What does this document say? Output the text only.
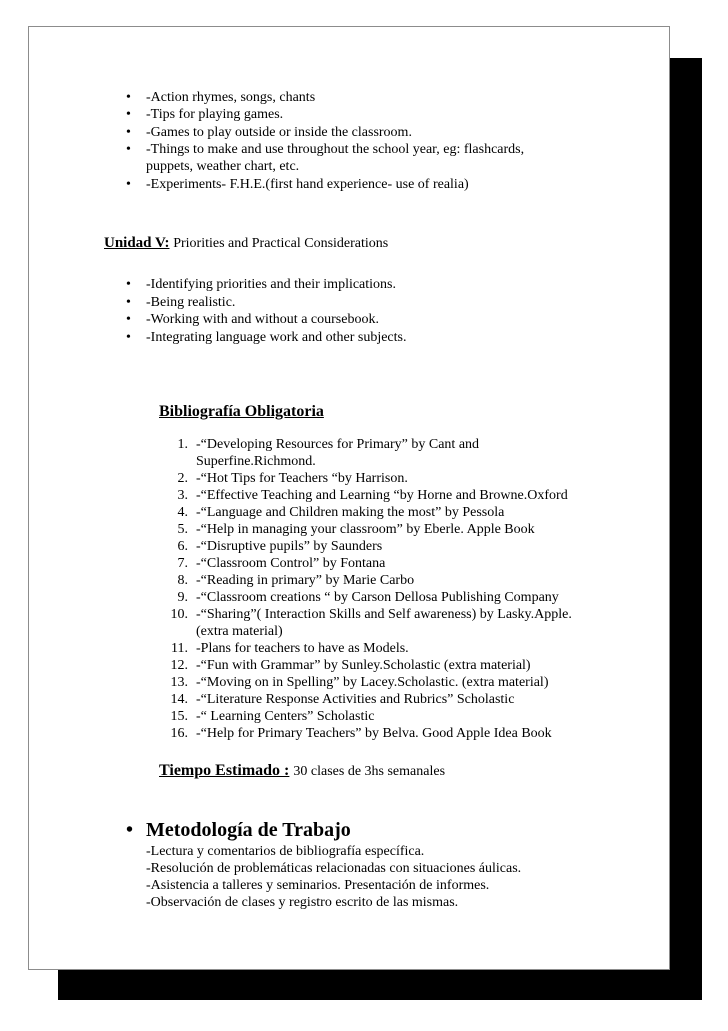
• -Action rhymes, songs, chants
• -Tips for playing games.
• -Games to play outside or inside the classroom.
• -Things to make and use throughout the school year, eg: flashcards,
puppets, weather chart, etc.
• -Experiments- F.H.E.(first hand experience- use of realia)
Unidad V: Priorities and Practical Considerations
• -Identifying priorities and their implications.
• -Being realistic.
• -Working with and without a coursebook.
• -Integrating language work and other subjects.
Bibliografía Obligatoria
1. -“Developing Resources for Primary” by Cant and
Superfine.Richmond.
2. -“Hot Tips for Teachers “by Harrison.
3. -“Effective Teaching and Learning “by Horne and Browne.Oxford
4. -“Language and Children making the most” by Pessola
5. -“Help in managing your classroom” by Eberle. Apple Book
6. -“Disruptive pupils” by Saunders
7. -“Classroom Control” by Fontana
8. -“Reading in primary” by Marie Carbo
9. -“Classroom creations “ by Carson Dellosa Publishing Company
10. -“Sharing”( Interaction Skills and Self awareness) by Lasky.Apple.
(extra material)
11. -Plans for teachers to have as Models.
12. -“Fun with Grammar” by Sunley.Scholastic (extra material)
13. -“Moving on in Spelling” by Lacey.Scholastic. (extra material)
14. -“Literature Response Activities and Rubrics” Scholastic
15. -“ Learning Centers” Scholastic
16. -“Help for Primary Teachers” by Belva. Good Apple Idea Book
Tiempo Estimado : 30 clases de 3hs semanales
• Metodología de Trabajo
-Lectura y comentarios de bibliografía específica.
-Resolución de problemáticas relacionadas con situaciones áulicas.
-Asistencia a talleres y seminarios. Presentación de informes.
-Observación de clases y registro escrito de las mismas.
